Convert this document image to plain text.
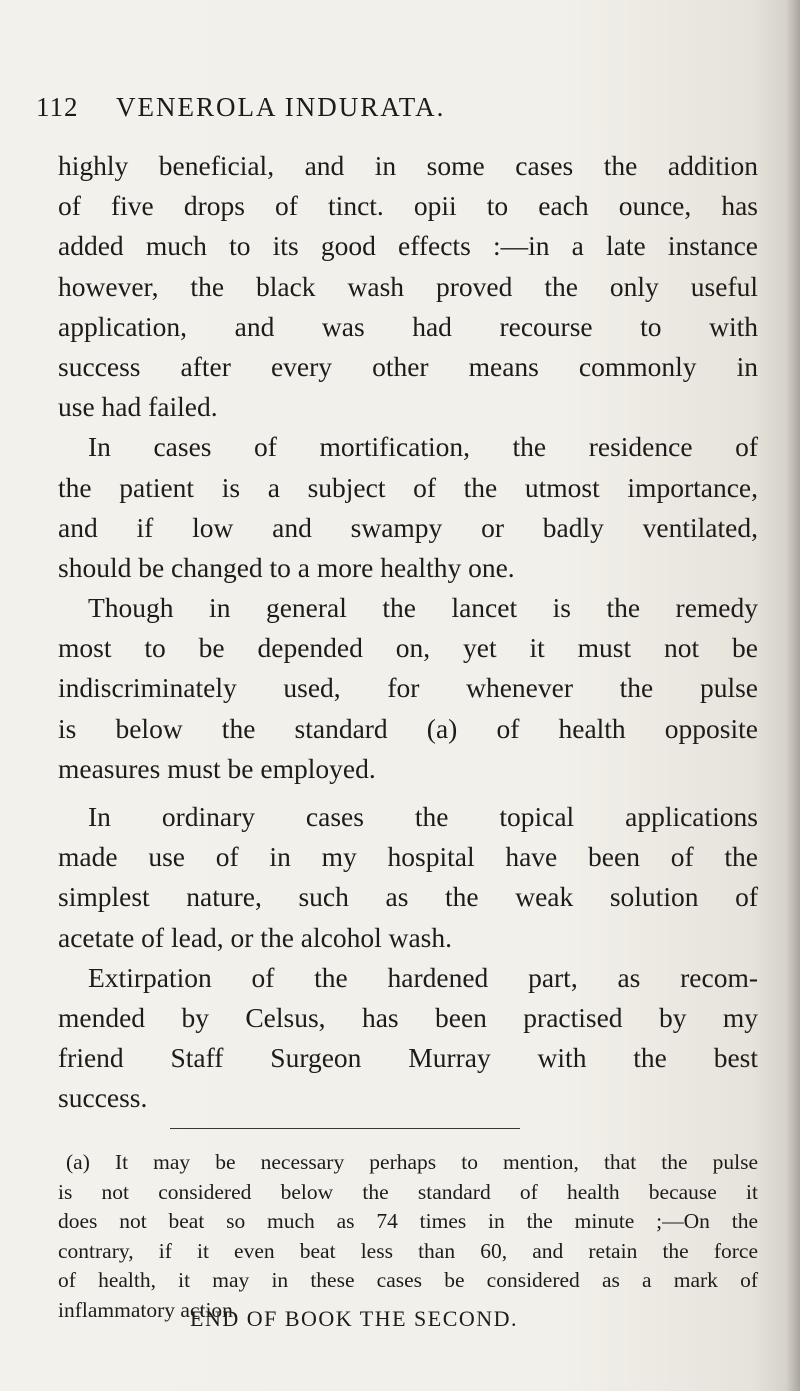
112 VENEROLA INDURATA.
highly beneficial, and in some cases the addition
of five drops of tinct. opii to each ounce, has
added much to its good effects :—in a late instance
however, the black wash proved the only useful
application, and was had recourse to with
success after every other means commonly in
use had failed.
In cases of mortification, the residence of
the patient is a subject of the utmost importance,
and if low and swampy or badly ventilated,
should be changed to a more healthy one.
Though in general the lancet is the remedy
most to be depended on, yet it must not be
indiscriminately used, for whenever the pulse
is below the standard (a) of health opposite
measures must be employed.
In ordinary cases the topical applications
made use of in my hospital have been of the
simplest nature, such as the weak solution of
acetate of lead, or the alcohol wash.
Extirpation of the hardened part, as recom-
mended by Celsus, has been practised by my
friend Staff Surgeon Murray with the best
success.
(a) It may be necessary perhaps to mention, that the pulse
is not considered below the standard of health because it
does not beat so much as 74 times in the minute ;—On the
contrary, if it even beat less than 60, and retain the force
of health, it may in these cases be considered as a mark of
inflammatory action.
END OF BOOK THE SECOND.
